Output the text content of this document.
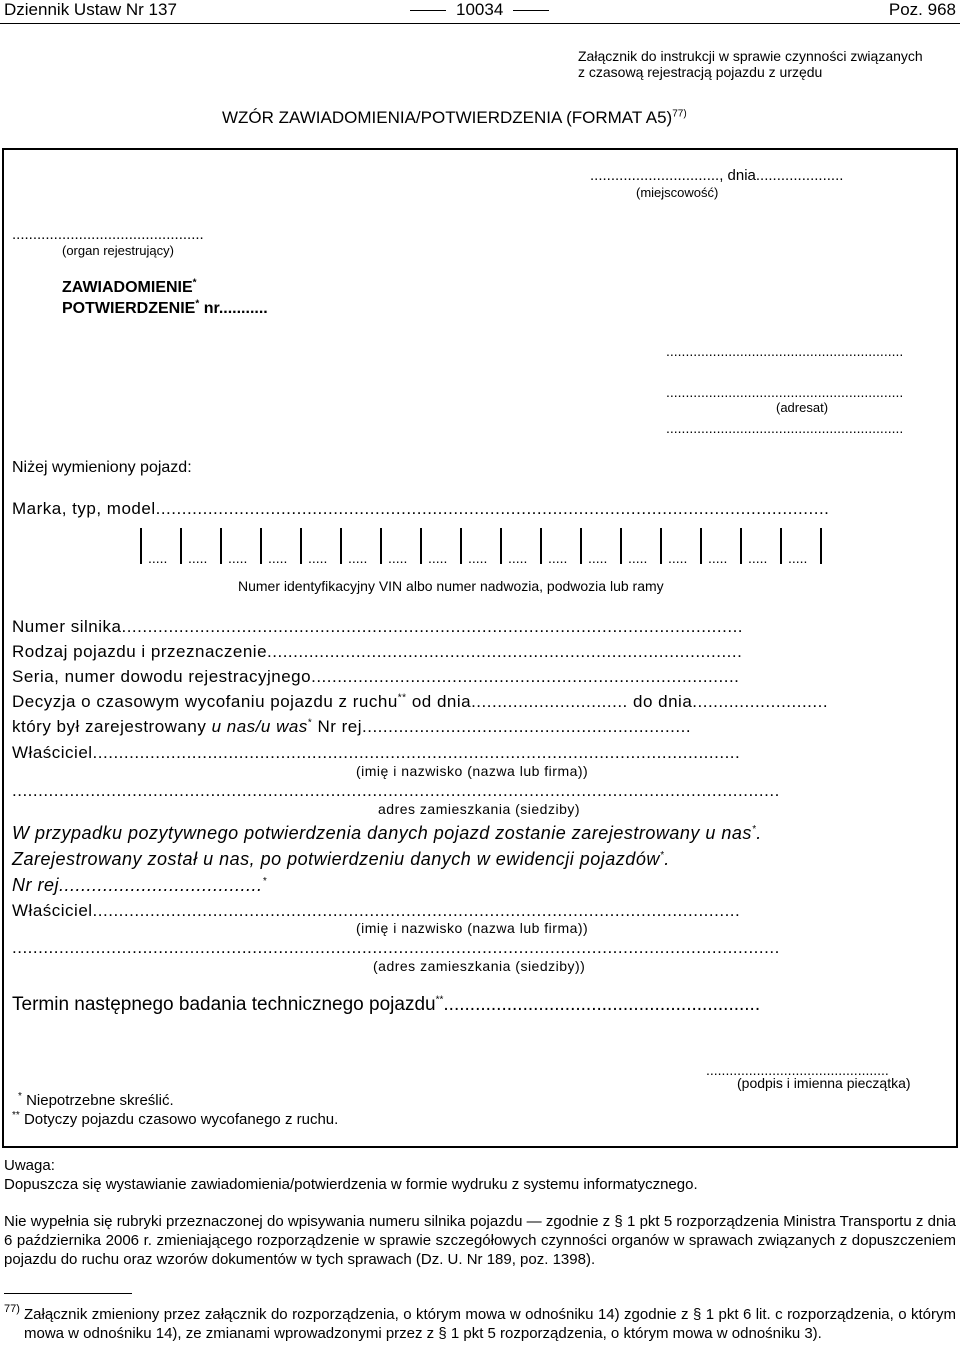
Dziennik Ustaw Nr 137	10034	Poz. 968
Załącznik do instrukcji w sprawie czynności związanych
z czasową rejestracją pojazdu z urzędu
WZÓR ZAWIADOMIENIA/POTWIERDZENIA (FORMAT A5)$^{77)}$
..............................., dnia.....................
(miejscowość)
..............................................
(organ rejestrujący)
ZAWIADOMIENIE*
POTWIERDZENIE* nr...........
.............................................................
.............................................................
(adresat)
.............................................................
Niżej wymieniony pojazd:
Marka, typ, model.................................................................................................................................
..... ..... ..... ..... ..... ..... ..... ..... ..... ..... ..... ..... ..... ..... ..... ..... .....
Numer identyfikacyjny VIN albo numer nadwozia, podwozia lub ramy
Numer silnika.......................................................................................................................
Rodzaj pojazdu i przeznaczenie...........................................................................................
Seria, numer dowodu rejestracyjnego..................................................................................
Decyzja o czasowym wycofaniu pojazdu z ruchu** od dnia.............................. do dnia..........................
który był zarejestrowany u nas/u was* Nr rej...............................................................
Właściciel............................................................................................................................
(imię i nazwisko (nazwa lub firma))
...................................................................................................................................................
adres zamieszkania (siedziby)
W przypadku pozytywnego potwierdzenia danych pojazd zostanie zarejestrowany u nas*.
Zarejestrowany został u nas, po potwierdzeniu danych w ewidencji pojazdów*.
Nr rej.....................................*
Właściciel............................................................................................................................
(imię i nazwisko (nazwa lub firma))
...................................................................................................................................................
(adres zamieszkania (siedziby))
Termin następnego badania technicznego pojazdu**............................................................
...............................................
(podpis i imienna pieczątka)
* Niepotrzebne skreślić.
** Dotyczy pojazdu czasowo wycofanego z ruchu.
Uwaga:
Dopuszcza się wystawianie zawiadomienia/potwierdzenia w formie wydruku z systemu informatycznego.
Nie wypełnia się rubryki przeznaczonej do wpisywania numeru silnika pojazdu — zgodnie z § 1 pkt 5 rozporządzenia Ministra Transportu z dnia 6 października 2006 r. zmieniającego rozporządzenie w sprawie szczegółowych czynności organów w sprawach związanych z dopuszczeniem pojazdu do ruchu oraz wzorów dokumentów w tych sprawach (Dz. U. Nr 189, poz. 1398).
77) Załącznik zmieniony przez załącznik do rozporządzenia, o którym mowa w odnośniku 14) zgodnie z § 1 pkt 6 lit. c rozporządzenia, o którym mowa w odnośniku 14), ze zmianami wprowadzonymi przez z § 1 pkt 5 rozporządzenia, o którym mowa w odnośniku 3).
